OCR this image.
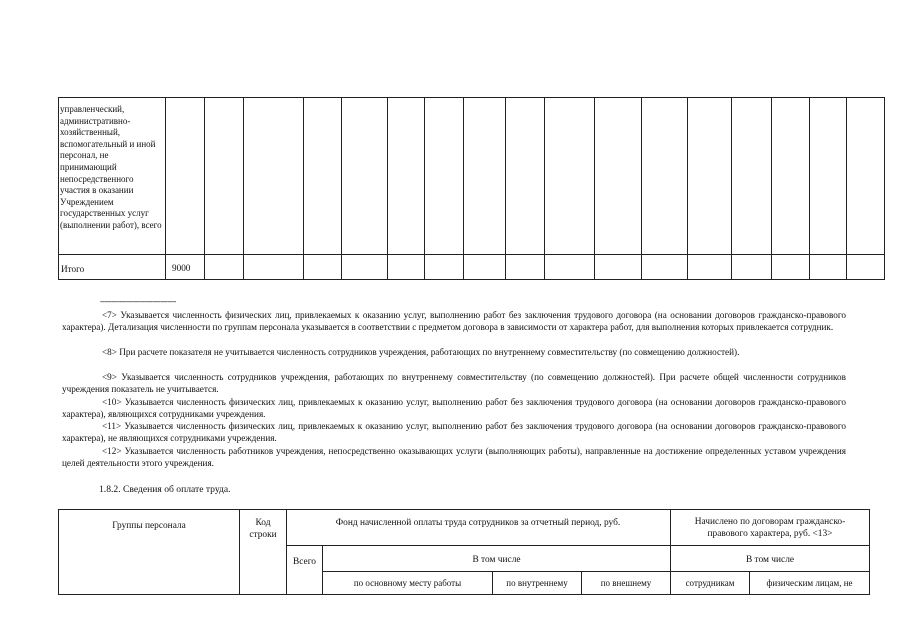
управленческий, административно-хозяйственный, вспомогательный и иной персонал, не принимающий непосредственного участия в оказании Учреждением государственных услуг (выполнении работ), всего
Итого	9000
-----------------------------------
<7> Указывается численность физических лиц, привлекаемых к оказанию услуг, выполнению работ без заключения трудового договора (на основании договоров гражданско-правового характера). Детализация численности по группам персонала указывается в соответствии с предметом договора в зависимости от характера работ, для выполнения которых привлекается сотрудник.
<8> При расчете показателя не учитывается численность сотрудников учреждения, работающих по внутреннему совместительству (по совмещению должностей).
<9> Указывается численность сотрудников учреждения, работающих по внутреннему совместительству (по совмещению должностей). При расчете общей численности сотрудников учреждения показатель не учитывается.
<10> Указывается численность физических лиц, привлекаемых к оказанию услуг, выполнению работ без заключения трудового договора (на основании договоров гражданско-правового характера), являющихся сотрудниками учреждения.
<11> Указывается численность физических лиц, привлекаемых к оказанию услуг, выполнению работ без заключения трудового договора (на основании договоров гражданско-правового характера), не являющихся сотрудниками учреждения.
<12> Указывается численность работников учреждения, непосредственно оказывающих услуги (выполняющих работы), направленные на достижение определенных уставом учреждения целей деятельности этого учреждения.
1.8.2. Сведения об оплате труда.
Группы персонала	Код строки
Фонд начисленной оплаты труда сотрудников за отчетный период, руб.	Начислено по договорам гражданско-правового характера, руб. <13>
Всего	В том числе	В том числе
по основному месту работы	по внутреннему	по внешнему	сотрудникам	физическим лицам, не
